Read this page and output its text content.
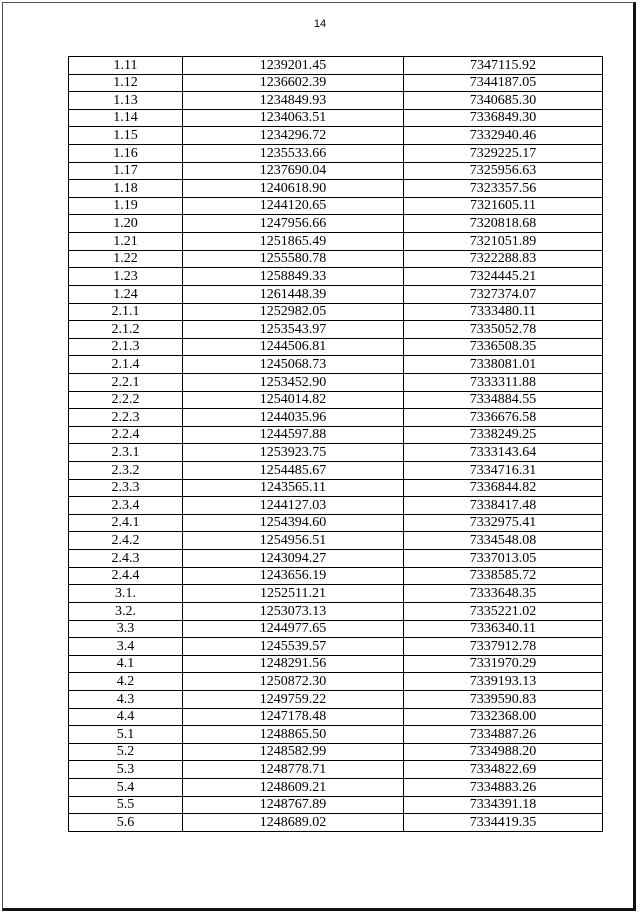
14
1.11	1239201.45	7347115.92
1.12	1236602.39	7344187.05
1.13	1234849.93	7340685.30
1.14	1234063.51	7336849.30
1.15	1234296.72	7332940.46
1.16	1235533.66	7329225.17
1.17	1237690.04	7325956.63
1.18	1240618.90	7323357.56
1.19	1244120.65	7321605.11
1.20	1247956.66	7320818.68
1.21	1251865.49	7321051.89
1.22	1255580.78	7322288.83
1.23	1258849.33	7324445.21
1.24	1261448.39	7327374.07
2.1.1	1252982.05	7333480.11
2.1.2	1253543.97	7335052.78
2.1.3	1244506.81	7336508.35
2.1.4	1245068.73	7338081.01
2.2.1	1253452.90	7333311.88
2.2.2	1254014.82	7334884.55
2.2.3	1244035.96	7336676.58
2.2.4	1244597.88	7338249.25
2.3.1	1253923.75	7333143.64
2.3.2	1254485.67	7334716.31
2.3.3	1243565.11	7336844.82
2.3.4	1244127.03	7338417.48
2.4.1	1254394.60	7332975.41
2.4.2	1254956.51	7334548.08
2.4.3	1243094.27	7337013.05
2.4.4	1243656.19	7338585.72
3.1.	1252511.21	7333648.35
3.2.	1253073.13	7335221.02
3.3	1244977.65	7336340.11
3.4	1245539.57	7337912.78
4.1	1248291.56	7331970.29
4.2	1250872.30	7339193.13
4.3	1249759.22	7339590.83
4.4	1247178.48	7332368.00
5.1	1248865.50	7334887.26
5.2	1248582.99	7334988.20
5.3	1248778.71	7334822.69
5.4	1248609.21	7334883.26
5.5	1248767.89	7334391.18
5.6	1248689.02	7334419.35
